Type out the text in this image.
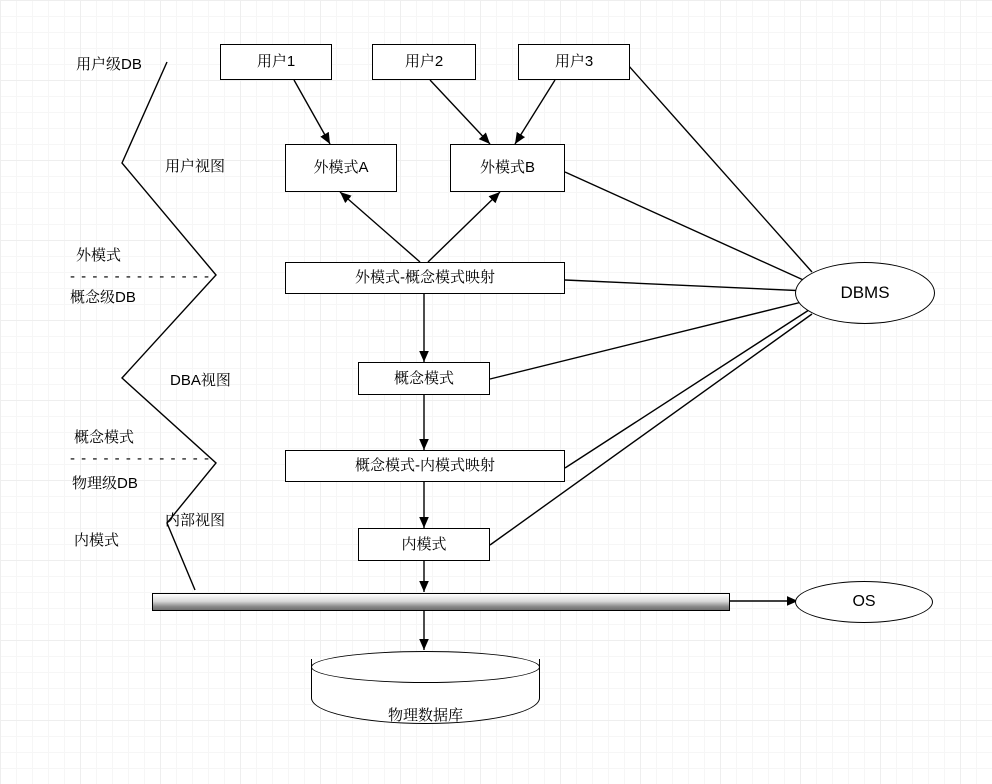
用户级DB
用户视图
外模式
- - - - - - - - - - - - -
概念级DB
DBA视图
概念模式
- - - - - - - - - - - - -
物理级DB
内部视图
内模式
用户1	用户2	用户3
外模式A	外模式B
外模式-概念模式映射
概念模式
概念模式-内模式映射
内模式
DBMS
OS
物理数据库
